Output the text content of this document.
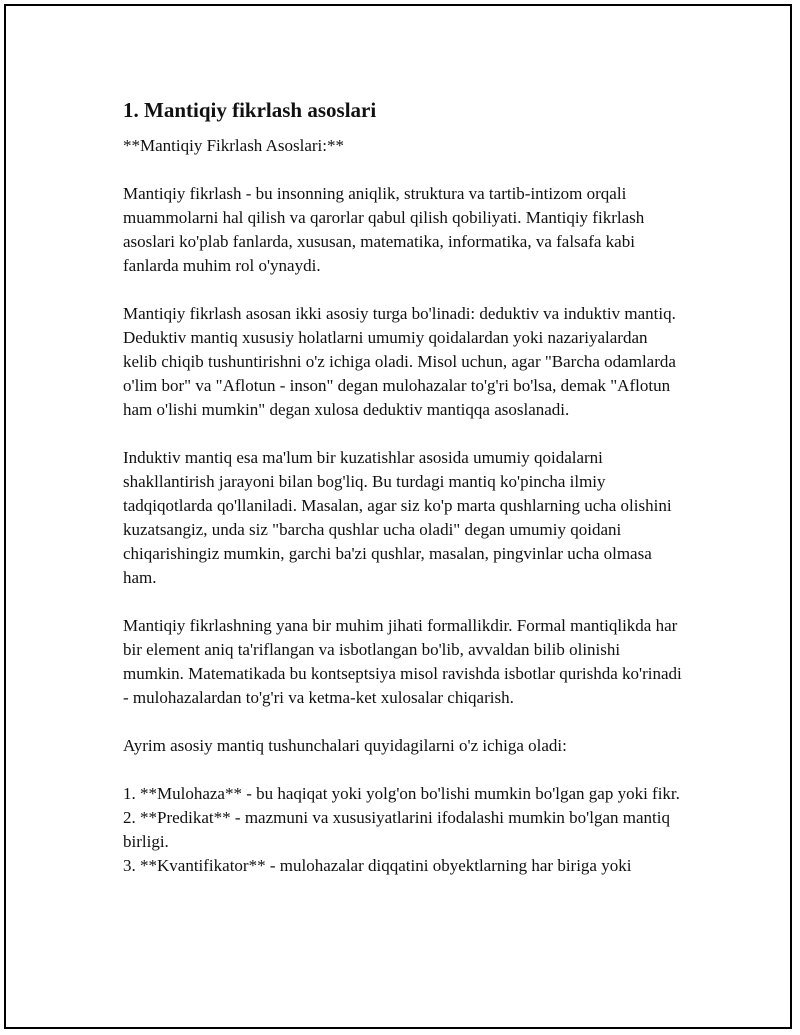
1. Mantiqiy fikrlash asoslari

**Mantiqiy Fikrlash Asoslari:**

Mantiqiy fikrlash - bu insonning aniqlik, struktura va tartib-intizom orqali muammolarni hal qilish va qarorlar qabul qilish qobiliyati. Mantiqiy fikrlash asoslari ko'plab fanlarda, xususan, matematika, informatika, va falsafa kabi fanlarda muhim rol o'ynaydi.

Mantiqiy fikrlash asosan ikki asosiy turga bo'linadi: deduktiv va induktiv mantiq. Deduktiv mantiq xususiy holatlarni umumiy qoidalardan yoki nazariyalardan kelib chiqib tushuntirishni o'z ichiga oladi. Misol uchun, agar "Barcha odamlarda o'lim bor" va "Aflotun - inson" degan mulohazalar to'g'ri bo'lsa, demak "Aflotun ham o'lishi mumkin" degan xulosa deduktiv mantiqqa asoslanadi.

Induktiv mantiq esa ma'lum bir kuzatishlar asosida umumiy qoidalarni shakllantirish jarayoni bilan bog'liq. Bu turdagi mantiq ko'pincha ilmiy tadqiqotlarda qo'llaniladi. Masalan, agar siz ko'p marta qushlarning ucha olishini kuzatsangiz, unda siz "barcha qushlar ucha oladi" degan umumiy qoidani chiqarishingiz mumkin, garchi ba'zi qushlar, masalan, pingvinlar ucha olmasa ham.

Mantiqiy fikrlashning yana bir muhim jihati formallikdir. Formal mantiqlikda har bir element aniq ta'riflangan va isbotlangan bo'lib, avvaldan bilib olinishi mumkin. Matematikada bu kontseptsiya misol ravishda isbotlar qurishda ko'rinadi - mulohazalardan to'g'ri va ketma-ket xulosalar chiqarish.

Ayrim asosiy mantiq tushunchalari quyidagilarni o'z ichiga oladi:

1. **Mulohaza** - bu haqiqat yoki yolg'on bo'lishi mumkin bo'lgan gap yoki fikr.

2. **Predikat** - mazmuni va xususiyatlarini ifodalashi mumkin bo'lgan mantiq birligi.

3. **Kvantifikator** - mulohazalar diqqatini obyektlarning har biriga yoki
